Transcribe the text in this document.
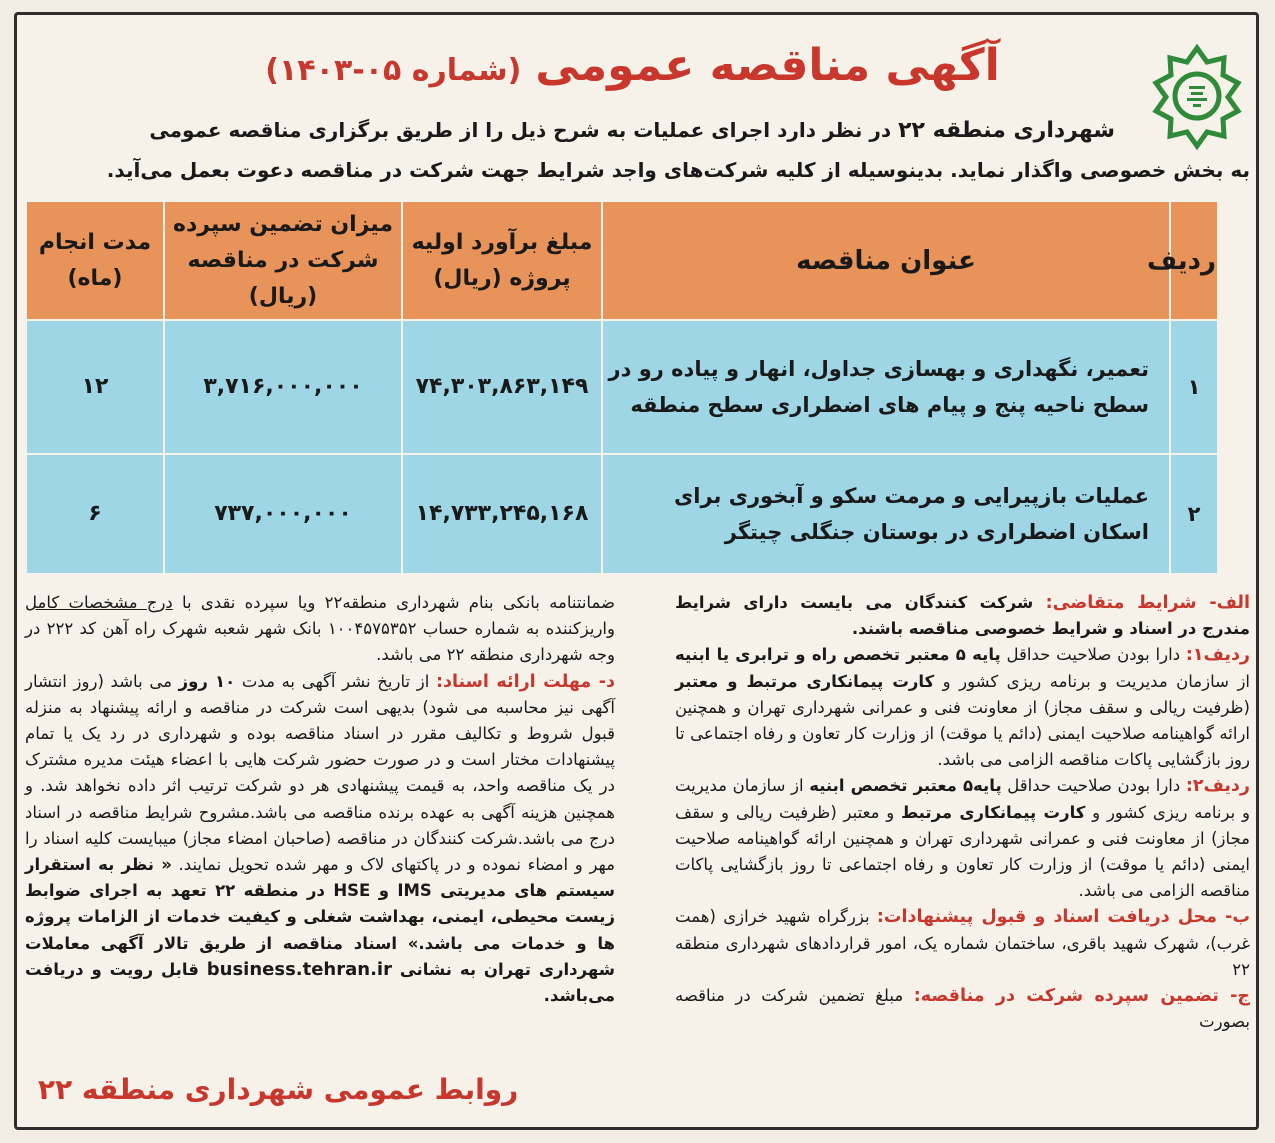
آگهی مناقصه عمومی(شماره ۰۵-۱۴۰۳)
شهرداری منطقه ۲۲ در نظر دارد اجرای عملیات به شرح ذیل را از طریق برگزاری مناقصه عمومی
به بخش خصوصی واگذار نماید. بدینوسیله از کلیه شرکت‌های واجد شرایط جهت شرکت در مناقصه دعوت بعمل می‌آید.
ردیف	عنوان مناقصه	مبلغ برآورد اولیه پروژه (ریال)	میزان تضمین سپرده شرکت در مناقصه (ریال)	مدت انجام (ماه)
۱	تعمیر، نگهداری و بهسازی جداول، انهار و پیاده رو در سطح ناحیه پنج و پیام های اضطراری سطح منطقه	۷۴,۳۰۳,۸۶۳,۱۴۹	۳,۷۱۶,۰۰۰,۰۰۰	۱۲
۲	عملیات بازپیرایی و مرمت سکو و آبخوری برای اسکان اضطراری در بوستان جنگلی چیتگر	۱۴,۷۳۳,۲۴۵,۱۶۸	۷۳۷,۰۰۰,۰۰۰	۶
الف- شرایط متقاضی: شرکت کنندگان می بایست دارای شرایط مندرج در اسناد و شرایط خصوصی مناقصه باشند.
ردیف۱: دارا بودن صلاحیت حداقل پایه ۵ معتبر تخصص راه و ترابری یا ابنیه از سازمان مدیریت و برنامه ریزی کشور و کارت پیمانکاری مرتبط و معتبر (ظرفیت ریالی و سقف مجاز) از معاونت فنی و عمرانی شهرداری تهران و همچنین ارائه گواهینامه صلاحیت ایمنی (دائم یا موقت) از وزارت کار تعاون و رفاه اجتماعی تا روز بازگشایی پاکات مناقصه الزامی می باشد.
ردیف۲: دارا بودن صلاحیت حداقل پایه۵ معتبر تخصص ابنیه از سازمان مدیریت و برنامه ریزی کشور و کارت پیمانکاری مرتبط و معتبر (ظرفیت ریالی و سقف مجاز) از معاونت فنی و عمرانی شهرداری تهران و همچنین ارائه گواهینامه صلاحیت ایمنی (دائم یا موقت) از وزارت کار تعاون و رفاه اجتماعی تا روز بازگشایی پاکات مناقصه الزامی می باشد.
ب- محل دریافت اسناد و قبول پیشنهادات: بزرگراه شهید خرازی (همت غرب)، شهرک شهید باقری، ساختمان شماره یک، امور قراردادهای شهرداری منطقه ۲۲
ج- تضمین سپرده شرکت در مناقصه: مبلغ تضمین شرکت در مناقصه بصورت
ضمانتنامه بانکی بنام شهرداری منطقه۲۲ ویا سپرده نقدی با درج مشخصات کامل واریزکننده به شماره حساب ۱۰۰۴۵۷۵۳۵۲ بانک شهر شعبه شهرک راه آهن کد ۲۲۲ در وجه شهرداری منطقه ۲۲ می باشد.
د- مهلت ارائه اسناد: از تاریخ نشر آگهی به مدت ۱۰ روز می باشد (روز انتشار آگهی نیز محاسبه می شود) بدیهی است شرکت در مناقصه و ارائه پیشنهاد به منزله قبول شروط و تکالیف مقرر در اسناد مناقصه بوده و شهرداری در رد یک یا تمام پیشنهادات مختار است و در صورت حضور شرکت هایی با اعضاء هیئت مدیره مشترک در یک مناقصه واحد، به قیمت پیشنهادی هر دو شرکت ترتیب اثر داده نخواهد شد. و همچنین هزینه آگهی به عهده برنده مناقصه می باشد.مشروح شرایط مناقصه در اسناد درج می باشد.شرکت کنندگان در مناقصه (صاحبان امضاء مجاز) میبایست کلیه اسناد را مهر و امضاء نموده و در پاکتهای لاک و مهر شده تحویل نمایند. « نظر به استقرار سیستم های مدیریتی IMS و HSE در منطقه ۲۲ تعهد به اجرای ضوابط زیست محیطی، ایمنی، بهداشت شغلی و کیفیت خدمات از الزامات پروژه ها و خدمات می باشد.» اسناد مناقصه از طریق تالار آگهی معاملات شهرداری تهران به نشانی business.tehran.ir قابل رویت و دریافت می‌باشد.
روابط عمومی شهرداری منطقه ۲۲
